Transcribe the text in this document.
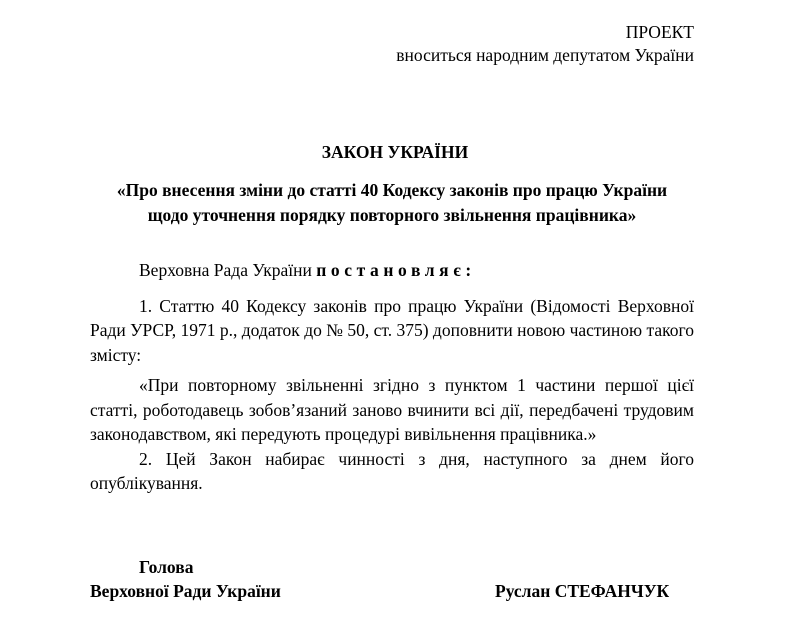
ПРОЕКТ
вноситься народним депутатом України
ЗАКОН УКРАЇНИ
«Про внесення зміни до статті 40 Кодексу законів про працю України
щодо уточнення порядку повторного звільнення працівника»

Верховна Рада України постановляє:

1. Статтю 40 Кодексу законів про працю України (Відомості Верховної Ради УРСР, 1971 р., додаток до № 50, ст. 375) доповнити новою частиною такого змісту:

«При повторному звільненні згідно з пунктом 1 частини першої цієї статті, роботодавець зобов’язаний заново вчинити всі дії, передбачені трудовим законодавством, які передують процедурі вивільнення працівника.»

2. Цей Закон набирає чинності з дня, наступного за днем його опублікування.

Голова
Верховної Ради України	Руслан СТЕФАНЧУК
